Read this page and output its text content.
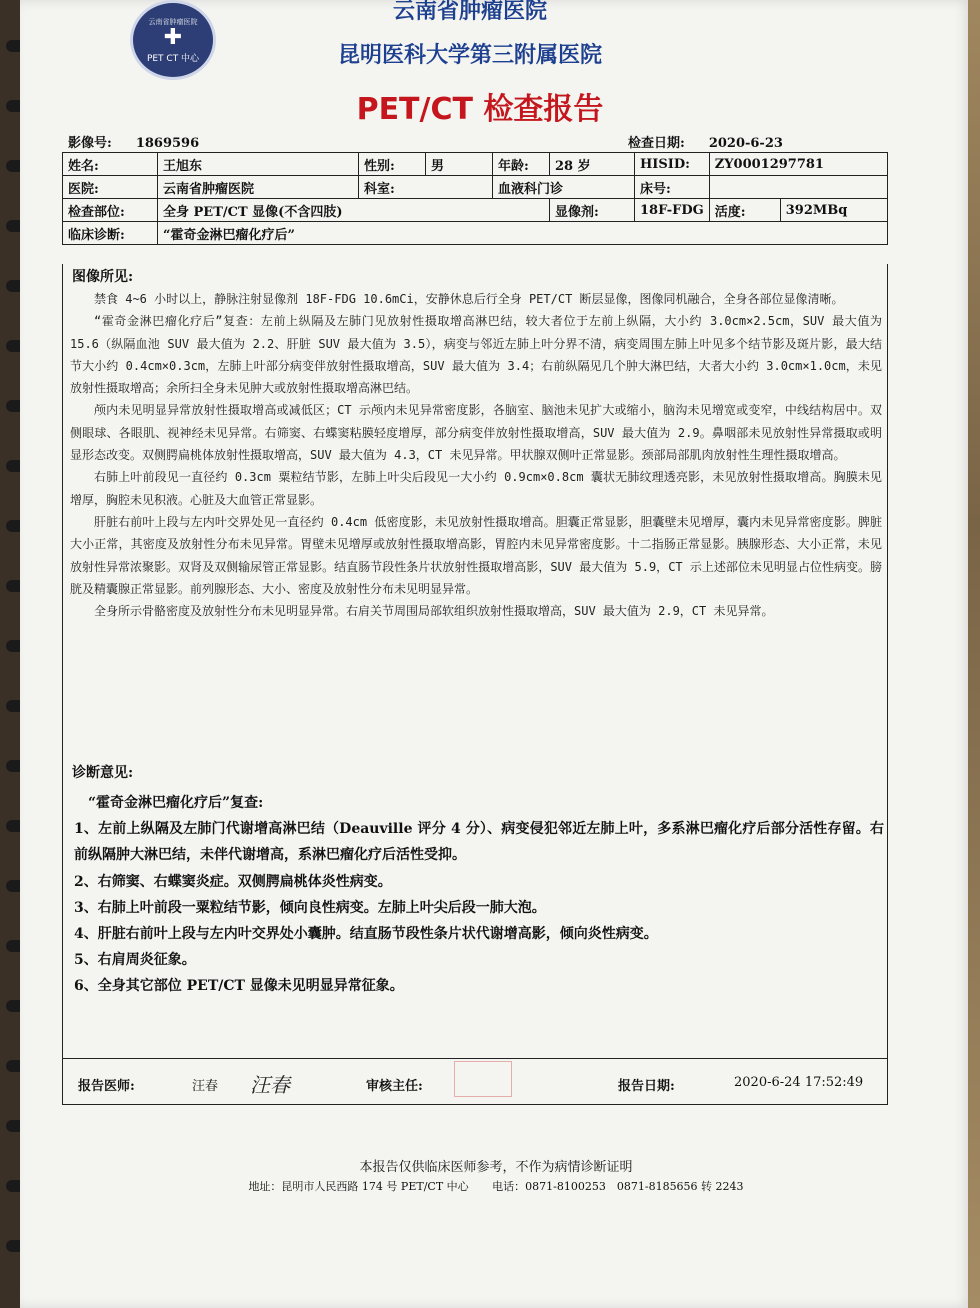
云南省肿瘤医院
✚
PET CT 中心
云南省肿瘤医院
昆明医科大学第三附属医院
PET/CT 检查报告
影像号: 1869596	检查日期: 2020-6-23
姓名:	王旭东	性别:	男	年龄:	28 岁	HISID:	ZY0001297781	
医院:	云南省肿瘤医院	科室:		血液科门诊		床号:		
检查部位:	全身 PET/CT 显像(不含四肢)				显像剂:	18F-FDG	活度:	392MBq
临床诊断:	“霍奇金淋巴瘤化疗后”							
图像所见:

禁食 4~6 小时以上，静脉注射显像剂 18F-FDG 10.6mCi，安静休息后行全身 PET/CT 断层显像，图像同机融合，全身各部位显像清晰。

“霍奇金淋巴瘤化疗后”复查：左前上纵隔及左肺门见放射性摄取增高淋巴结，较大者位于左前上纵隔，大小约 3.0cm×2.5cm，SUV 最大值为 15.6（纵隔血池 SUV 最大值为 2.2、肝脏 SUV 最大值为 3.5），病变与邻近左肺上叶分界不清，病变周围左肺上叶见多个结节影及斑片影，最大结节大小约 0.4cm×0.3cm，左肺上叶部分病变伴放射性摄取增高，SUV 最大值为 3.4；右前纵隔见几个肿大淋巴结，大者大小约 3.0cm×1.0cm，未见放射性摄取增高；余所扫全身未见肿大或放射性摄取增高淋巴结。

颅内未见明显异常放射性摄取增高或减低区；CT 示颅内未见异常密度影，各脑室、脑池未见扩大或缩小，脑沟未见增宽或变窄，中线结构居中。双侧眼球、各眼肌、视神经未见异常。右筛窦、右蝶窦粘膜轻度增厚，部分病变伴放射性摄取增高，SUV 最大值为 2.9。鼻咽部未见放射性异常摄取或明显形态改变。双侧腭扁桃体放射性摄取增高，SUV 最大值为 4.3，CT 未见异常。甲状腺双侧叶正常显影。颈部局部肌肉放射性生理性摄取增高。

右肺上叶前段见一直径约 0.3cm 粟粒结节影，左肺上叶尖后段见一大小约 0.9cm×0.8cm 囊状无肺纹理透亮影，未见放射性摄取增高。胸膜未见增厚，胸腔未见积液。心脏及大血管正常显影。

肝脏右前叶上段与左内叶交界处见一直径约 0.4cm 低密度影，未见放射性摄取增高。胆囊正常显影，胆囊壁未见增厚，囊内未见异常密度影。脾脏大小正常，其密度及放射性分布未见异常。胃壁未见增厚或放射性摄取增高影，胃腔内未见异常密度影。十二指肠正常显影。胰腺形态、大小正常，未见放射性异常浓聚影。双肾及双侧输尿管正常显影。结直肠节段性条片状放射性摄取增高影，SUV 最大值为 5.9，CT 示上述部位未见明显占位性病变。膀胱及精囊腺正常显影。前列腺形态、大小、密度及放射性分布未见明显异常。

全身所示骨骼密度及放射性分布未见明显异常。右肩关节周围局部软组织放射性摄取增高，SUV 最大值为 2.9，CT 未见异常。

诊断意见:

“霍奇金淋巴瘤化疗后”复查:

1、左前上纵隔及左肺门代谢增高淋巴结（Deauville 评分 4 分）、病变侵犯邻近左肺上叶，多系淋巴瘤化疗后部分活性存留。右前纵隔肿大淋巴结，未伴代谢增高，系淋巴瘤化疗后活性受抑。

2、右筛窦、右蝶窦炎症。双侧腭扁桃体炎性病变。

3、右肺上叶前段一粟粒结节影，倾向良性病变。左肺上叶尖后段一肺大泡。

4、肝脏右前叶上段与左内叶交界处小囊肿。结直肠节段性条片状代谢增高影，倾向炎性病变。

5、右肩周炎征象。

6、全身其它部位 PET/CT 显像未见明显异常征象。

报告医师:	汪春 汪春	审核主任:	报告日期:	2020-6-24 17:52:49
本报告仅供临床医师参考，不作为病情诊断证明
地址：昆明市人民西路 174 号 PET/CT 中心 电话：0871-8100253　0871-8185656 转 2243
